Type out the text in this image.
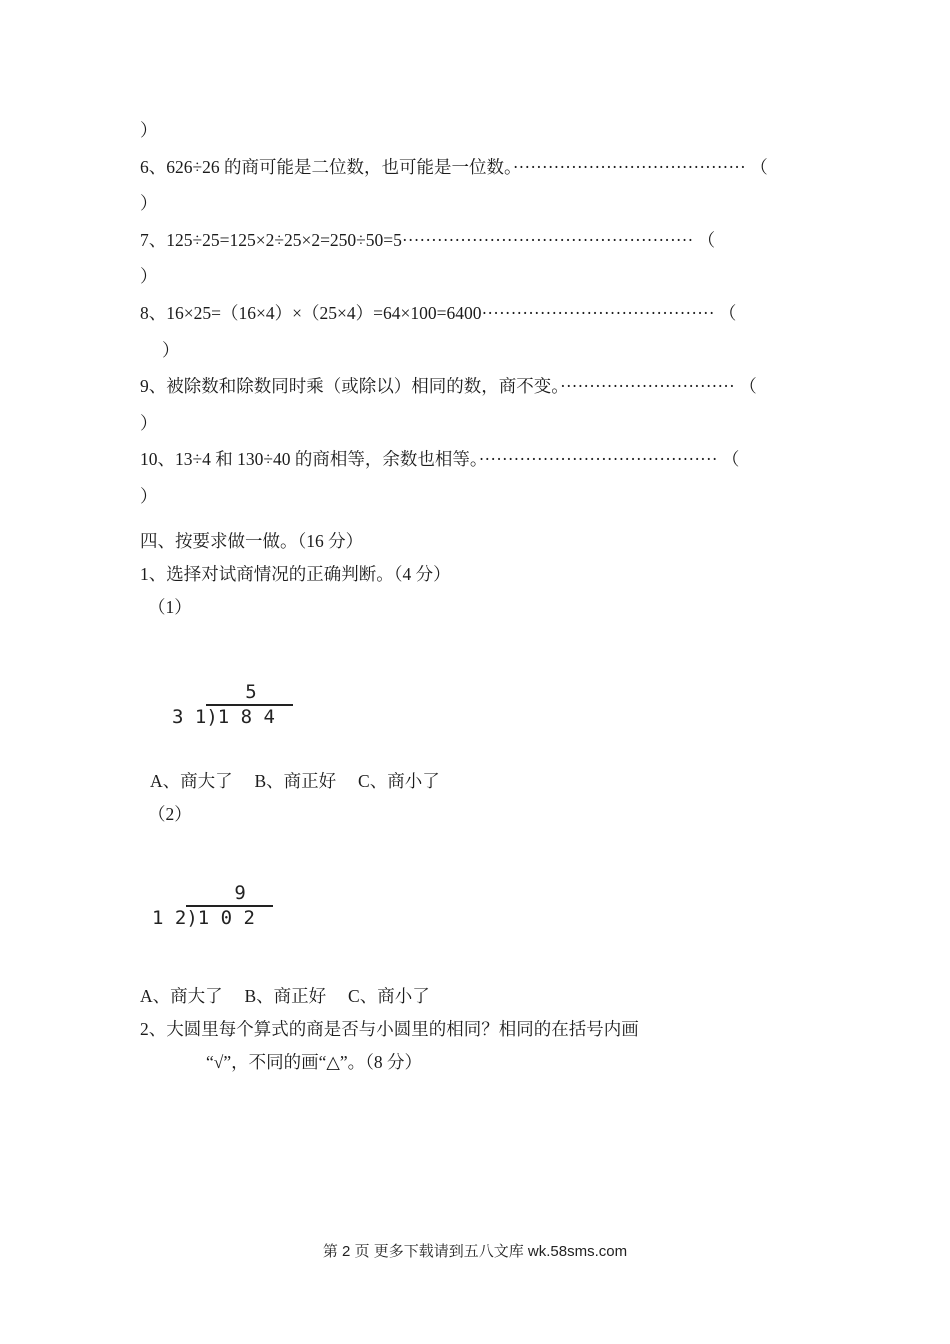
）
6、626÷26 的商可能是二位数，也可能是一位数。········································ （
）
7、125÷25=125×2÷25×2=250÷50=5·················································· （
）
8、16×25=（16×4）×（25×4）=64×100=6400········································ （
）
9、被除数和除数同时乘（或除以）相同的数，商不变。······························ （
）
10、13÷4 和 130÷40 的商相等，余数也相等。········································· （
）
四、按要求做一做。（16 分）
1、选择对试商情况的正确判断。（4 分）
（1）

5
3 1)1 8 4

A、商大了     B、商正好     C、商小了
（2）

9
1 2)1 0 2

A、商大了     B、商正好     C、商小了
2、大圆里每个算式的商是否与小圆里的相同？相同的在括号内画
“√”，不同的画“△”。（8 分）
第 2 页 更多下载请到五八文库 wk.58sms.com
